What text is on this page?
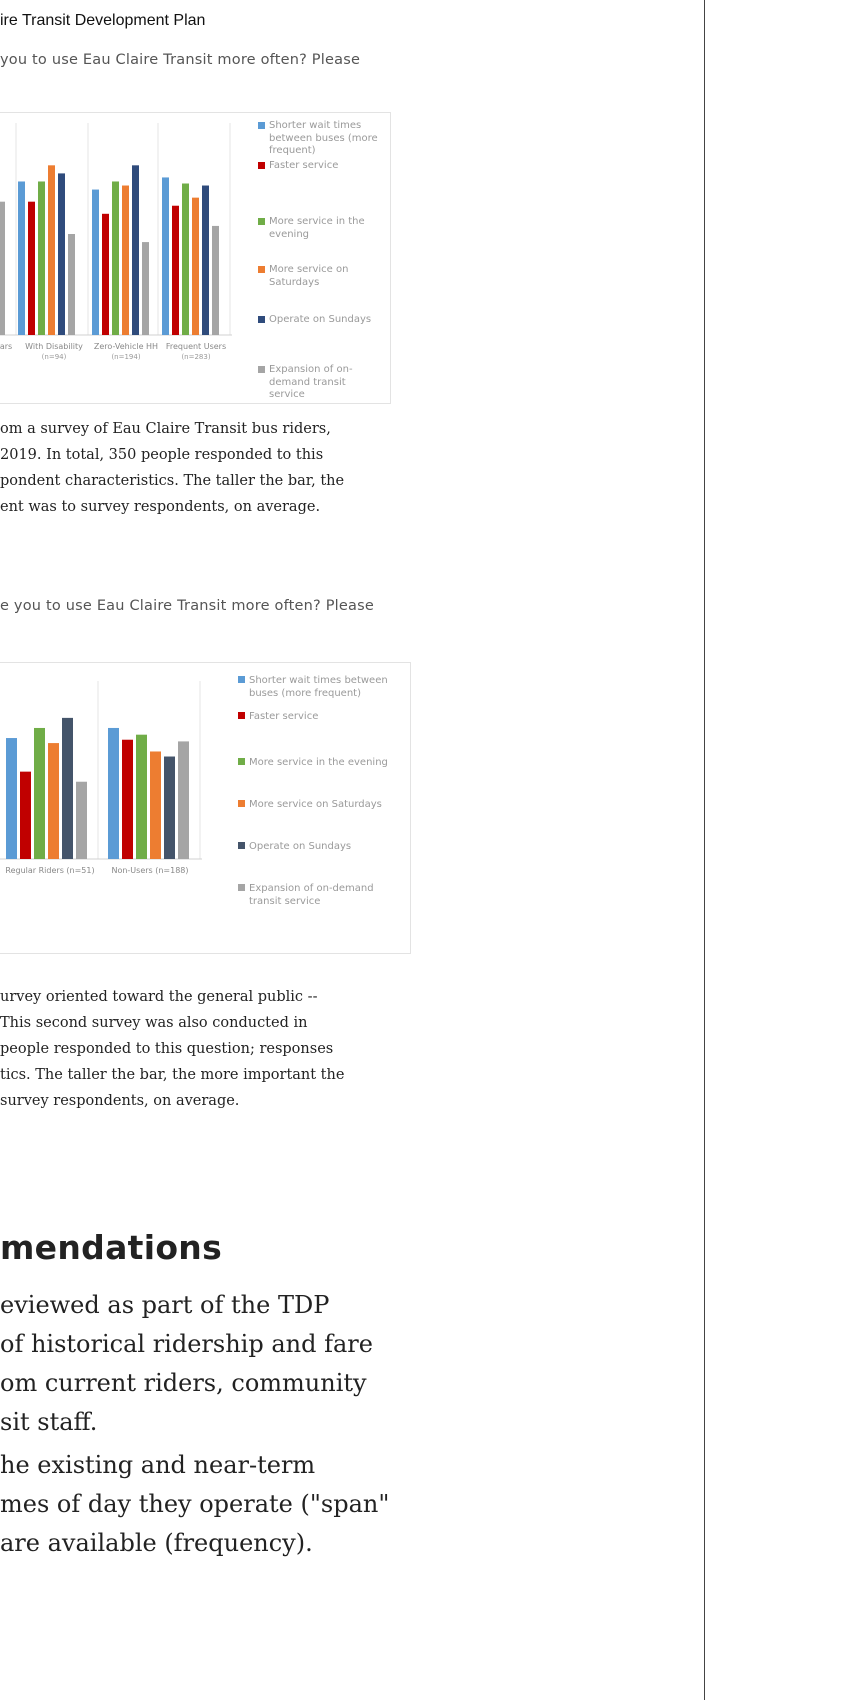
ire Transit Development Plan
you to use Eau Claire Transit more often? Please
ars With Disability
(n=94)
Zero-Vehicle HH
(n=194)
Frequent Users
(n=283)
Shorter wait times between buses (more frequent)
Faster service
More service in the evening
More service on Saturdays
Operate on Sundays
Expansion of on-demand transit service
om a survey of Eau Claire Transit bus riders,
2019. In total, 350 people responded to this
pondent characteristics. The taller the bar, the
ent was to survey respondents, on average.
e you to use Eau Claire Transit more often? Please
Regular Riders (n=51) Non-Users (n=188)
Shorter wait times between buses (more frequent)
Faster service
More service in the evening
More service on Saturdays
Operate on Sundays
Expansion of on-demand transit service
urvey oriented toward the general public --
This second survey was also conducted in
people responded to this question; responses
tics. The taller the bar, the more important the
survey respondents, on average.
mendations
eviewed as part of the TDP
of historical ridership and fare
om current riders, community
sit staff.
he existing and near-term
mes of day they operate ("span"
are available (frequency).
